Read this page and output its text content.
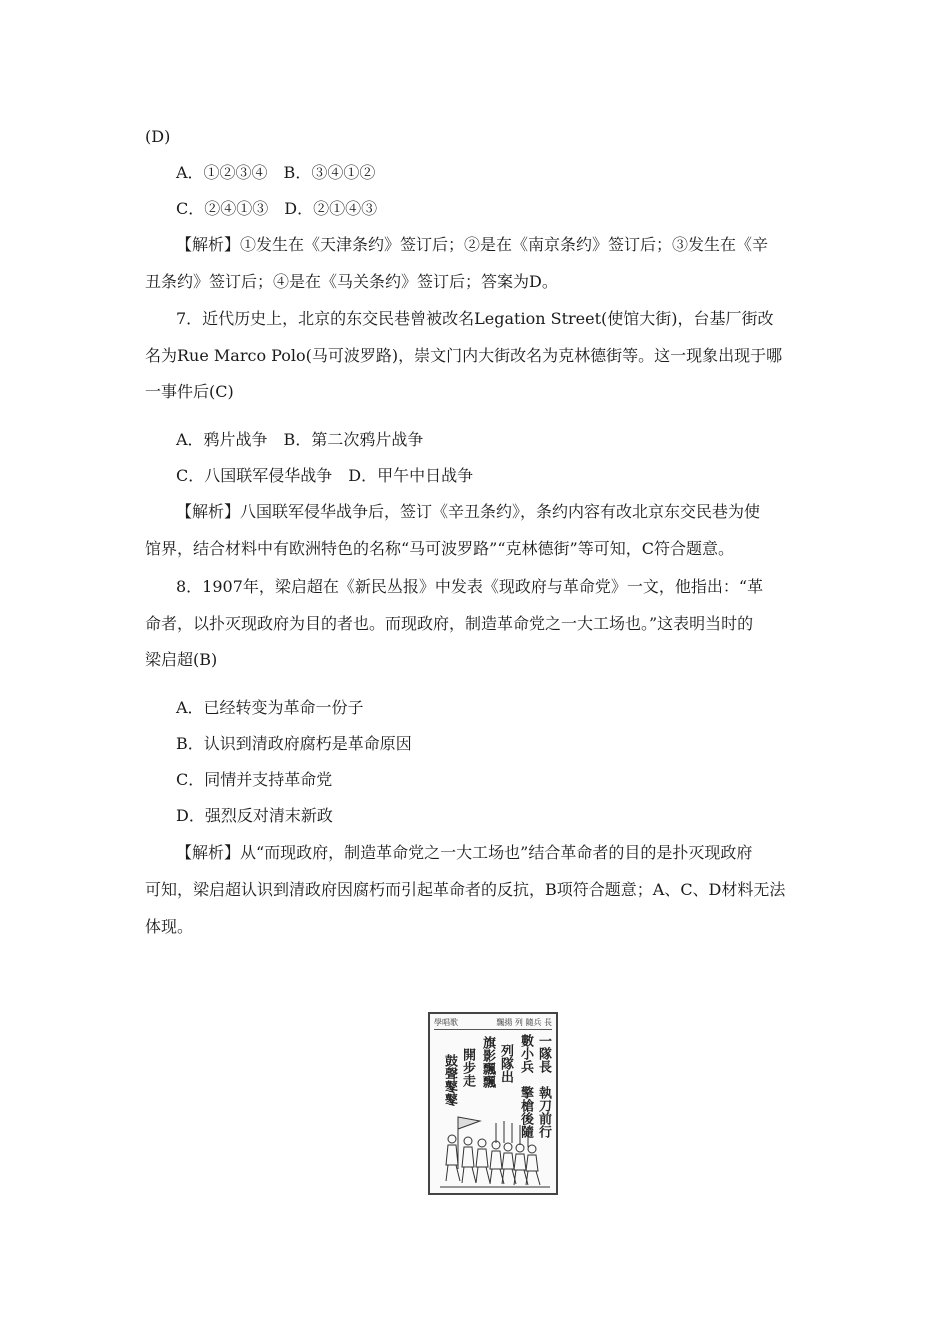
(D)
A．①②③④　B．③④①②
C．②④①③　D．②①④③
【解析】①发生在《天津条约》签订后；②是在《南京条约》签订后；③发生在《辛
丑条约》签订后；④是在《马关条约》签订后；答案为D。
7．近代历史上，北京的东交民巷曾被改名Legation Street(使馆大街)，台基厂街改
名为Rue Marco Polo(马可波罗路)，崇文门内大街改名为克林德街等。这一现象出现于哪
一事件后(C)
A．鸦片战争　B．第二次鸦片战争
C．八国联军侵华战争　D．甲午中日战争
【解析】八国联军侵华战争后，签订《辛丑条约》，条约内容有改北京东交民巷为使
馆界，结合材料中有欧洲特色的名称“马可波罗路”“克林德街”等可知，C符合题意。
8．1907年，梁启超在《新民丛报》中发表《现政府与革命党》一文，他指出：“革
命者，以扑灭现政府为目的者也。而现政府，制造革命党之一大工场也。”这表明当时的
梁启超(B)
A．已经转变为革命一份子
B．认识到清政府腐朽是革命原因
C．同情并支持革命党
D．强烈反对清末新政
【解析】从“而现政府，制造革命党之一大工场也”结合革命者的目的是扑灭现政府
可知，梁启超认识到清政府因腐朽而引起革命者的反抗，B项符合题意；A、C、D材料无法
体现。
學唱歌	飄揚 列 隨兵 長
一隊長　執刀前行
數小兵　擎槍後隨
列隊出
旗影飄飄
開步走
鼓聲鼕鼕
